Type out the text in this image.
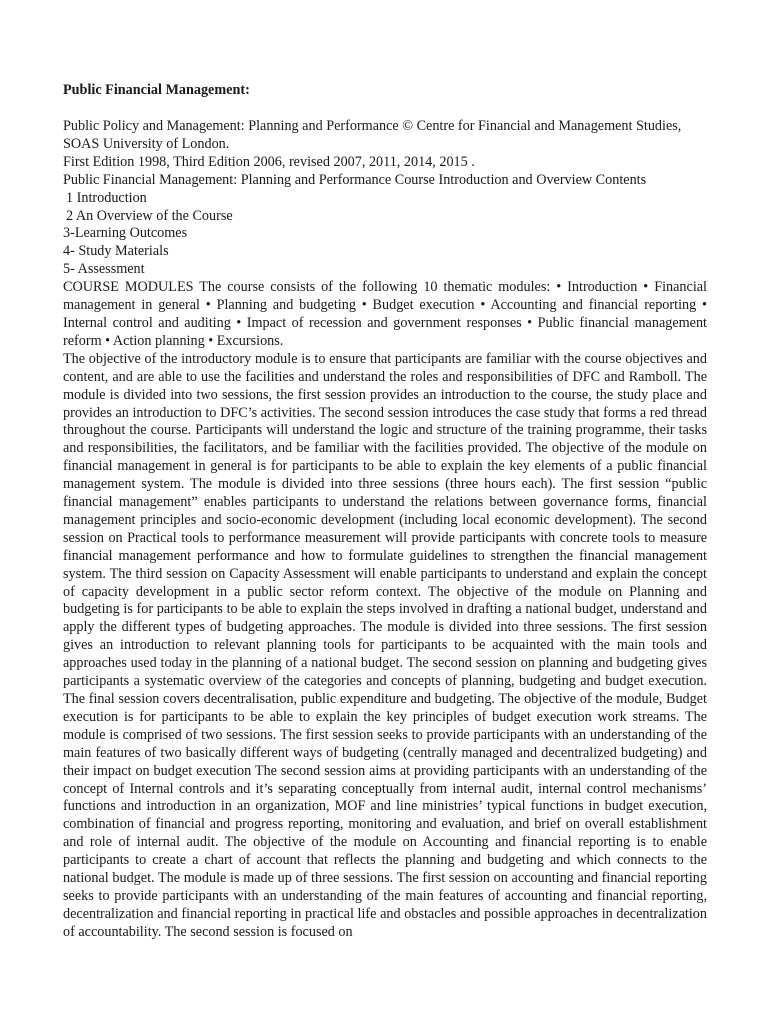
Public Financial Management:
Public Policy and Management: Planning and Performance © Centre for Financial and Management Studies, SOAS University of London.
First Edition 1998, Third Edition 2006, revised 2007, 2011, 2014, 2015 .
Public Financial Management: Planning and Performance Course Introduction and Overview Contents
1 Introduction
2 An Overview of the Course
3-Learning Outcomes
4- Study Materials
5- Assessment

COURSE MODULES The course consists of the following 10 thematic modules: • Introduction • Financial management in general • Planning and budgeting • Budget execution • Accounting and financial reporting • Internal control and auditing • Impact of recession and government responses • Public financial management reform • Action planning • Excursions.

The objective of the introductory module is to ensure that participants are familiar with the course objectives and content, and are able to use the facilities and understand the roles and responsibilities of DFC and Ramboll. The module is divided into two sessions, the first session provides an introduction to the course, the study place and provides an introduction to DFC’s activities. The second session introduces the case study that forms a red thread throughout the course. Participants will understand the logic and structure of the training programme, their tasks and responsibilities, the facilitators, and be familiar with the facilities provided. The objective of the module on financial management in general is for participants to be able to explain the key elements of a public financial management system. The module is divided into three sessions (three hours each). The first session “public financial management” enables participants to understand the relations between governance forms, financial management principles and socio-economic development (including local economic development). The second session on Practical tools to performance measurement will provide participants with concrete tools to measure financial management performance and how to formulate guidelines to strengthen the financial management system. The third session on Capacity Assessment will enable participants to understand and explain the concept of capacity development in a public sector reform context. The objective of the module on Planning and budgeting is for participants to be able to explain the steps involved in drafting a national budget, understand and apply the different types of budgeting approaches. The module is divided into three sessions. The first session gives an introduction to relevant planning tools for participants to be acquainted with the main tools and approaches used today in the planning of a national budget. The second session on planning and budgeting gives participants a systematic overview of the categories and concepts of planning, budgeting and budget execution. The final session covers decentralisation, public expenditure and budgeting. The objective of the module, Budget execution is for participants to be able to explain the key principles of budget execution work streams. The module is comprised of two sessions. The first session seeks to provide participants with an understanding of the main features of two basically different ways of budgeting (centrally managed and decentralized budgeting) and their impact on budget execution The second session aims at providing participants with an understanding of the concept of Internal controls and it’s separating conceptually from internal audit, internal control mechanisms’ functions and introduction in an organization, MOF and line ministries’ typical functions in budget execution, combination of financial and progress reporting, monitoring and evaluation, and brief on overall establishment and role of internal audit. The objective of the module on Accounting and financial reporting is to enable participants to create a chart of account that reflects the planning and budgeting and which connects to the national budget. The module is made up of three sessions. The first session on accounting and financial reporting seeks to provide participants with an understanding of the main features of accounting and financial reporting, decentralization and financial reporting in practical life and obstacles and possible approaches in decentralization of accountability. The second session is focused on
